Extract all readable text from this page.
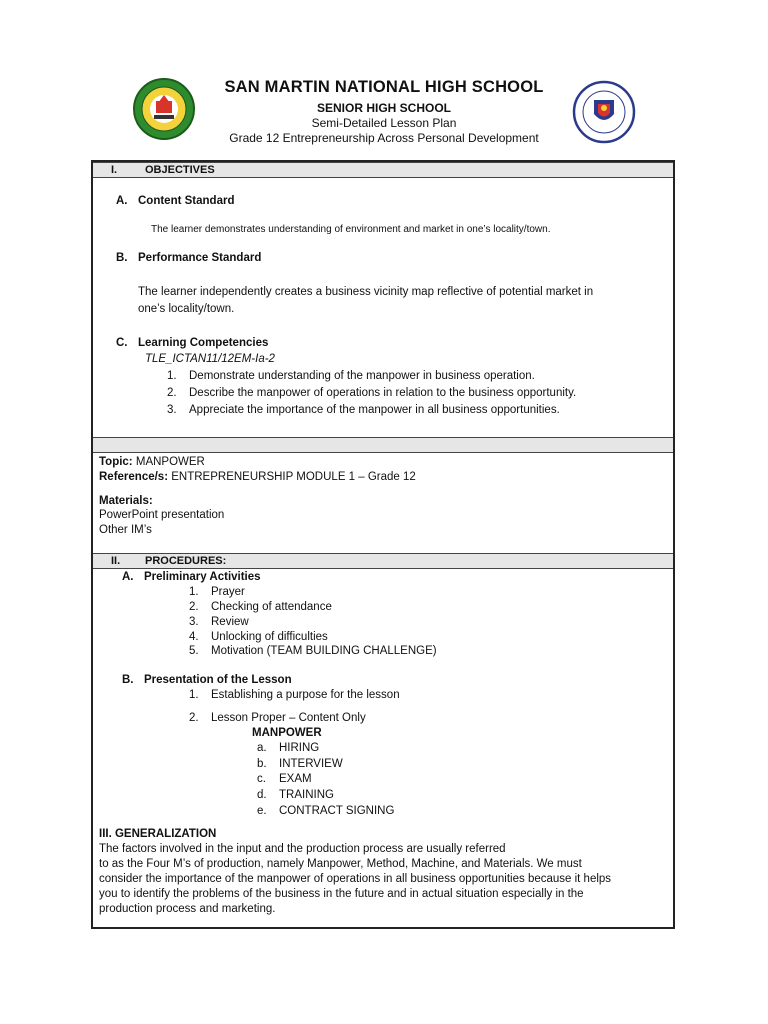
SAN MARTIN NATIONAL HIGH SCHOOL
SENIOR HIGH SCHOOL
Semi-Detailed Lesson Plan
Grade 12 Entrepreneurship Across Personal Development
I.	OBJECTIVES
A. Content Standard
The learner demonstrates understanding of environment and market in one’s locality/town.
B. Performance Standard
The learner independently creates a business vicinity map reflective of potential market in
one’s locality/town.
C. Learning Competencies
TLE_ICTAN11/12EM-Ia-2
1. Demonstrate understanding of the manpower in business operation.
2. Describe the manpower of operations in relation to the business opportunity.
3. Appreciate the importance of the manpower in all business opportunities.
Topic: MANPOWER
Reference/s: ENTREPRENEURSHIP MODULE 1 – Grade 12
Materials:
PowerPoint presentation
Other IM’s
II. PROCEDURES:
A. Preliminary Activities
1. Prayer
2. Checking of attendance
3. Review
4. Unlocking of difficulties
5. Motivation (TEAM BUILDING CHALLENGE)
B. Presentation of the Lesson
1. Establishing a purpose for the lesson
2. Lesson Proper – Content Only
MANPOWER
a. HIRING
b. INTERVIEW
c. EXAM
d. TRAINING
e. CONTRACT SIGNING
III. GENERALIZATION
The factors involved in the input and the production process are usually referred
to as the Four M’s of production, namely Manpower, Method, Machine, and Materials. We must
consider the importance of the manpower of operations in all business opportunities because it helps
you to identify the problems of the business in the future and in actual situation especially in the
production process and marketing.
